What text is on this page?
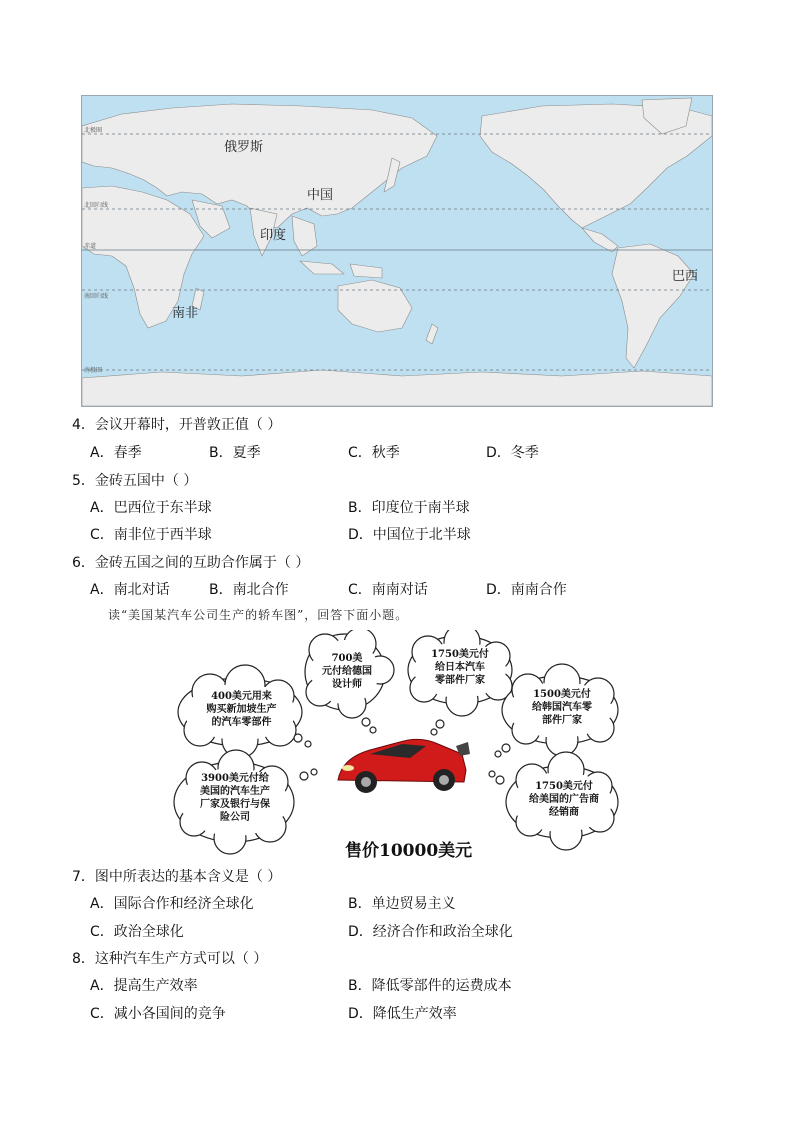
北极圈
北回归线
赤道
南回归线
南极圈
俄罗斯
中国
印度
巴西
南非
4．会议开幕时，开普敦正值（ ）
A．春季	B．夏季	C．秋季	D．冬季
5．金砖五国中（ ）
A．巴西位于东半球	B．印度位于南半球
C．南非位于西半球	D．中国位于北半球
6．金砖五国之间的互助合作属于（ ）
A．南北对话	B．南北合作	C．南南对话	D．南南合作
读“美国某汽车公司生产的轿车图”，回答下面小题。
400美元用来
购买新加坡生产
的汽车零部件
700美
元付给德国
设计师
1750美元付
给日本汽车
零部件厂家
1500美元付
给韩国汽车零
部件厂家
3900美元付给
美国的汽车生产
厂家及银行与保
险公司
1750美元付
给美国的广告商
经销商
售价10000美元
7．图中所表达的基本含义是（ ）
A．国际合作和经济全球化	B．单边贸易主义
C．政治全球化	D．经济合作和政治全球化
8．这种汽车生产方式可以（ ）
A．提高生产效率	B．降低零部件的运费成本
C．减小各国间的竞争	D．降低生产效率
